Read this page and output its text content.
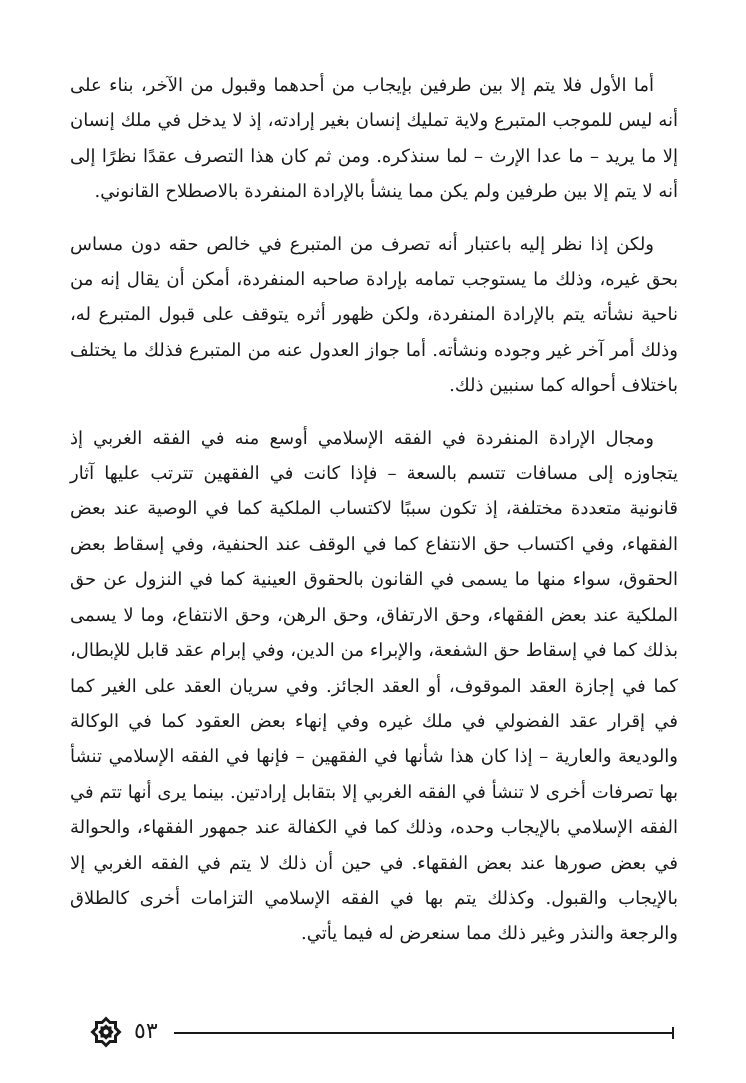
أما الأول فلا يتم إلا بين طرفين بإيجاب من أحدهما وقبول من الآخر، بناء على أنه ليس للموجب المتبرع ولاية تمليك إنسان بغير إرادته، إذ لا يدخل في ملك إنسان إلا ما يريد – ما عدا الإرث – لما سنذكره. ومن ثم كان هذا التصرف عقدًا نظرًا إلى أنه لا يتم إلا بين طرفين ولم يكن مما ينشأ بالإرادة المنفردة بالاصطلاح القانوني.

ولكن إذا نظر إليه باعتبار أنه تصرف من المتبرع في خالص حقه دون مساس بحق غيره، وذلك ما يستوجب تمامه بإرادة صاحبه المنفردة، أمكن أن يقال إنه من ناحية نشأته يتم بالإرادة المنفردة، ولكن ظهور أثره يتوقف على قبول المتبرع له، وذلك أمر آخر غير وجوده ونشأته. أما جواز العدول عنه من المتبرع فذلك ما يختلف باختلاف أحواله كما سنبين ذلك.

ومجال الإرادة المنفردة في الفقه الإسلامي أوسع منه في الفقه الغربي إذ يتجاوزه إلى مسافات تتسم بالسعة – فإذا كانت في الفقهين تترتب عليها آثار قانونية متعددة مختلفة، إذ تكون سببًا لاكتساب الملكية كما في الوصية عند بعض الفقهاء، وفي اكتساب حق الانتفاع كما في الوقف عند الحنفية، وفي إسقاط بعض الحقوق، سواء منها ما يسمى في القانون بالحقوق العينية كما في النزول عن حق الملكية عند بعض الفقهاء، وحق الارتفاق، وحق الرهن، وحق الانتفاع، وما لا يسمى بذلك كما في إسقاط حق الشفعة، والإبراء من الدين، وفي إبرام عقد قابل للإبطال، كما في إجازة العقد الموقوف، أو العقد الجائز. وفي سريان العقد على الغير كما في إقرار عقد الفضولي في ملك غيره وفي إنهاء بعض العقود كما في الوكالة والوديعة والعارية – إذا كان هذا شأنها في الفقهين – فإنها في الفقه الإسلامي تنشأ بها تصرفات أخرى لا تنشأ في الفقه الغربي إلا بتقابل إرادتين. بينما يرى أنها تتم في الفقه الإسلامي بالإيجاب وحده، وذلك كما في الكفالة عند جمهور الفقهاء، والحوالة في بعض صورها عند بعض الفقهاء. في حين أن ذلك لا يتم في الفقه الغربي إلا بالإيجاب والقبول. وكذلك يتم بها في الفقه الإسلامي التزامات أخرى كالطلاق والرجعة والنذر وغير ذلك مما سنعرض له فيما يأتي.

٥٣
